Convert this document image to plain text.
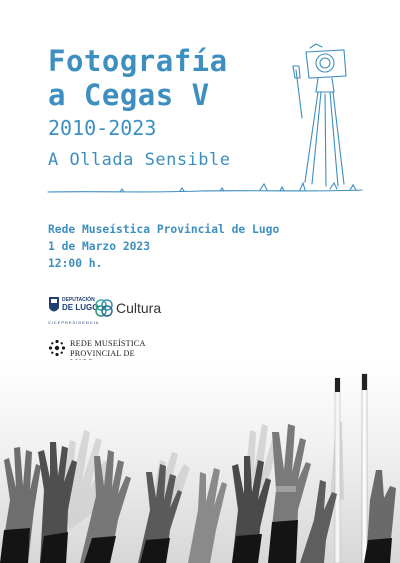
Fotografía
a Cegas V
2010-2023
A Ollada Sensible
Rede Museística Provincial de Lugo
1 de Marzo 2023
12:00 h.
DEPUTACIÓN
DE LUGO Cultura
VICEPRESIDENCIA
REDE MUSEÍSTICA
PROVINCIAL DE
